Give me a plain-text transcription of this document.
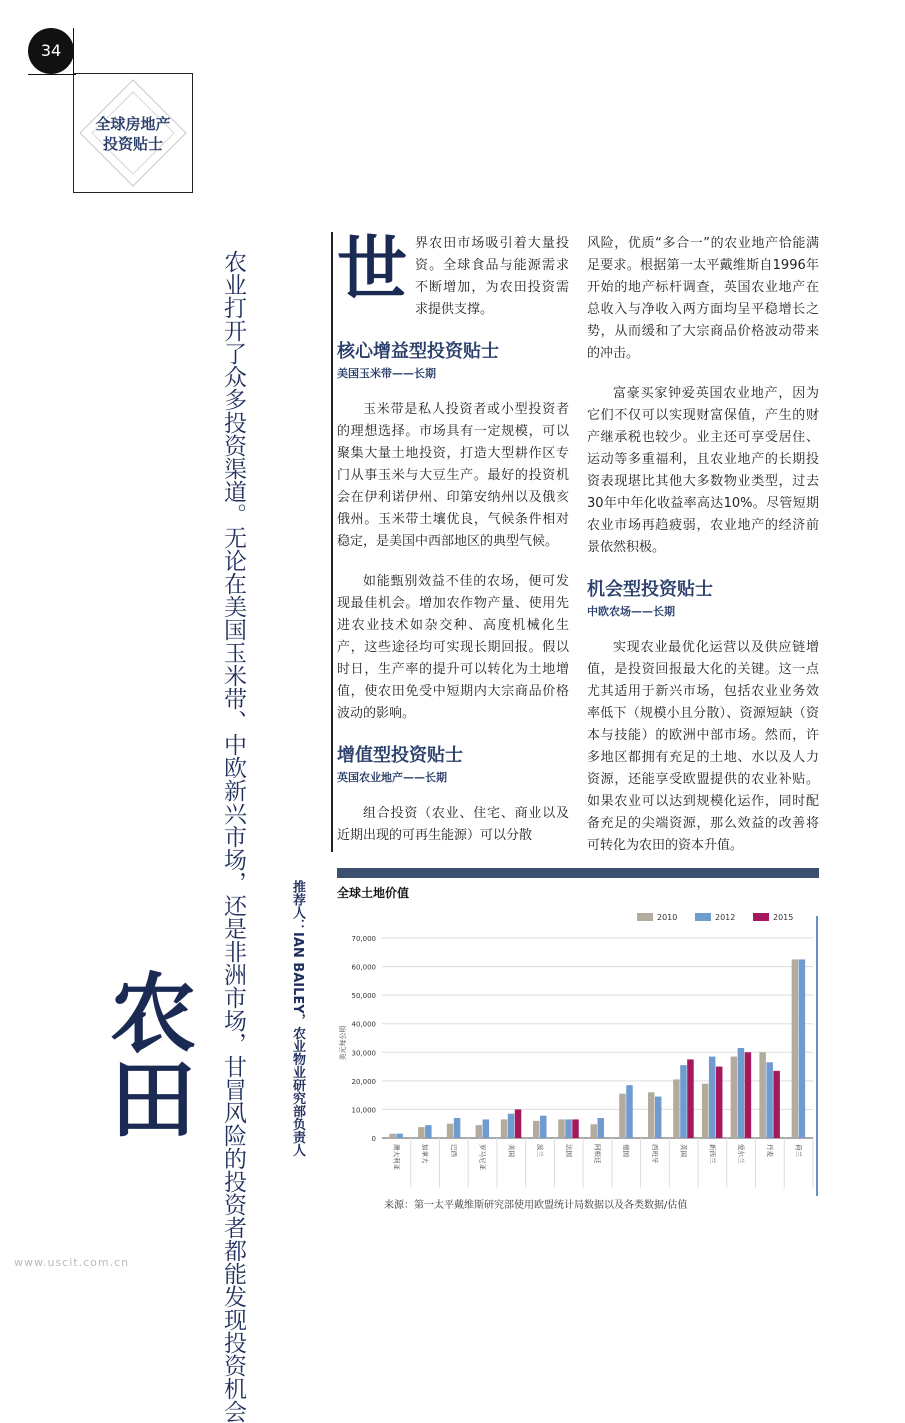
34
全球房地产
投资贴士
农田 农业打开了众多投资渠道。无论在美国玉米带、中欧新兴市场，还是非洲市场，甘冒风险的投资者都能发现投资机会	推荐人：IAN BAILEY，农业物业研究部负责人
世 界农田市场吸引着大量投资。全球食品与能源需求不断增加，为农田投资需求提供支撑。

核心增益型投资贴士
美国玉米带——长期

玉米带是私人投资者或小型投资者的理想选择。市场具有一定规模，可以聚集大量土地投资，打造大型耕作区专门从事玉米与大豆生产。最好的投资机会在伊利诺伊州、印第安纳州以及俄亥俄州。玉米带土壤优良，气候条件相对稳定，是美国中西部地区的典型气候。

如能甄别效益不佳的农场，便可发现最佳机会。增加农作物产量、使用先进农业技术如杂交种、高度机械化生产，这些途径均可实现长期回报。假以时日，生产率的提升可以转化为土地增值，使农田免受中短期内大宗商品价格波动的影响。

增值型投资贴士
英国农业地产——长期

组合投资（农业、住宅、商业以及近期出现的可再生能源）可以分散

风险，优质“多合一”的农业地产恰能满足要求。根据第一太平戴维斯自1996年开始的地产标杆调查，英国农业地产在总收入与净收入两方面均呈平稳增长之势，从而缓和了大宗商品价格波动带来的冲击。

富豪买家钟爱英国农业地产，因为它们不仅可以实现财富保值，产生的财产继承税也较少。业主还可享受居住、运动等多重福利，且农业地产的长期投资表现堪比其他大多数物业类型，过去30年中年化收益率高达10%。尽管短期农业市场再趋疲弱，农业地产的经济前景依然积极。

机会型投资贴士
中欧农场——长期

实现农业最优化运营以及供应链增值，是投资回报最大化的关键。这一点尤其适用于新兴市场，包括农业业务效率低下（规模小且分散）、资源短缺（资本与技能）的欧洲中部市场。然而，许多地区都拥有充足的土地、水以及人力资源，还能享受欧盟提供的农业补贴。如果农业可以达到规模化运作，同时配备充足的尖端资源，那么效益的改善将可转化为农田的资本升值。

全球土地价值
0
10,000
20,000
30,000
40,000
50,000
60,000
70,000
美元每公顷
澳大利亚	加拿大	巴西	罗马尼亚	美国	波兰	法国	阿根廷	德国	西班牙	英国	新西兰	爱尔兰	丹麦	荷兰
2010	2012	2015
来源：第一太平戴维斯研究部使用欧盟统计局数据以及各类数据/估值
www.uscit.com.cn
